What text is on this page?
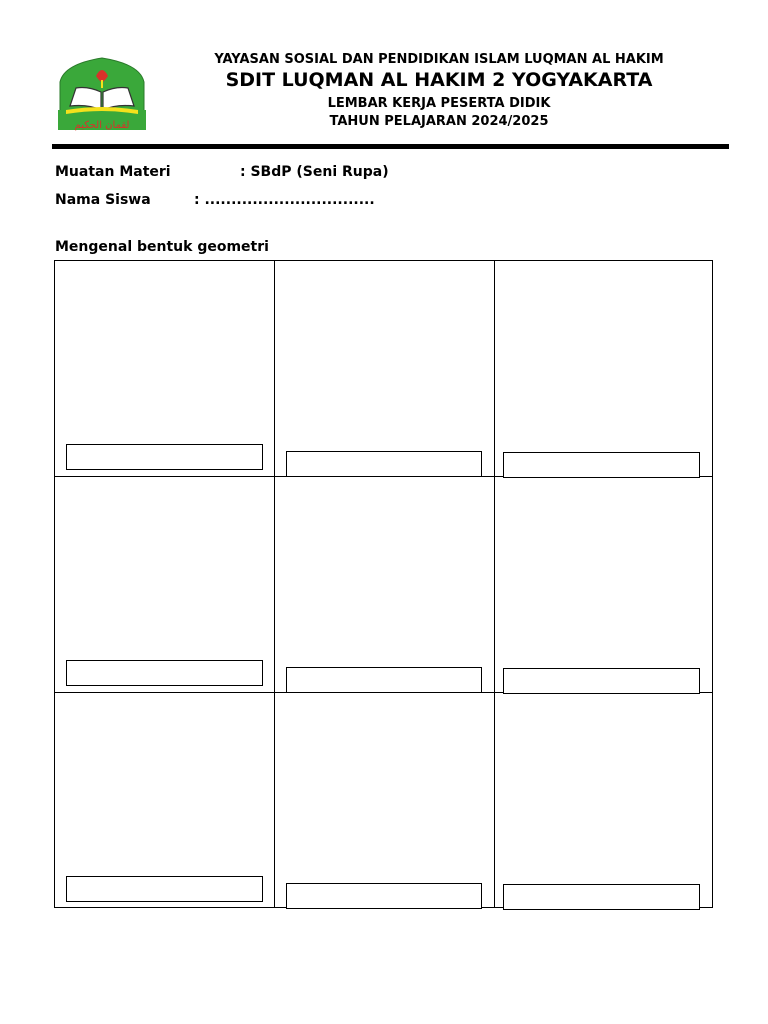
لقمان الحكيم
YAYASAN SOSIAL DAN PENDIDIKAN ISLAM LUQMAN AL HAKIM
SDIT LUQMAN AL HAKIM 2 YOGYAKARTA
LEMBAR KERJA PESERTA DIDIK
TAHUN PELAJARAN 2024/2025
Muatan Materi	: SBdP (Seni Rupa)
Nama Siswa	: ................................
Mengenal bentuk geometri
